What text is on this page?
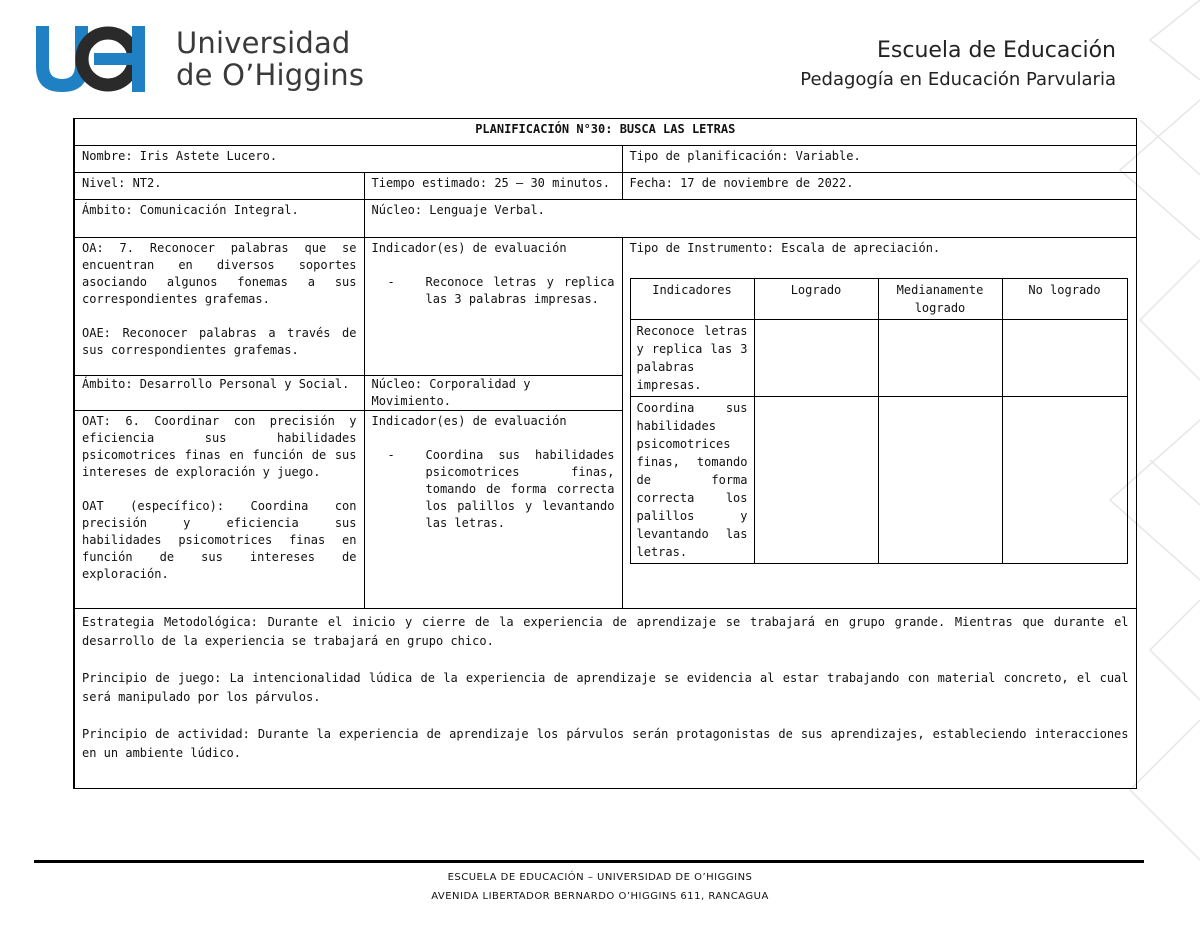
Universidad
de O’Higgins
Escuela de Educación
Pedagogía en Educación Parvularia
PLANIFICACIÓN N°30: BUSCA LAS LETRAS
Nombre: Iris Astete Lucero.	Tipo de planificación: Variable.
Nivel: NT2.	Tiempo estimado: 25 – 30 minutos.	Fecha: 17 de noviembre de 2022.
Ámbito: Comunicación Integral.	Núcleo: Lenguaje Verbal.

OA: 7. Reconocer palabras que se encuentran en diversos soportes asociando algunos fonemas a sus correspondientes grafemas.
OAE: Reconocer palabras a través de sus correspondientes grafemas.

Indicador(es) de evaluación
-	Reconoce letras y replica las 3 palabras impresas.

Tipo de Instrumento: Escala de apreciación.
Indicadores	Logrado	Medianamente logrado	No logrado
Reconoce letras y replica las 3 palabras impresas.			
Coordina sus habilidades psicomotrices finas, tomando de forma correcta los palillos y levantando las letras.			

Ámbito: Desarrollo Personal y Social.	Núcleo: Corporalidad y Movimiento.

OAT: 6. Coordinar con precisión y eficiencia sus habilidades psicomotrices finas en función de sus intereses de exploración y juego.
OAT (específico): Coordina con precisión y eficiencia sus habilidades psicomotrices finas en función de sus intereses de exploración.

Indicador(es) de evaluación
-	Coordina sus habilidades psicomotrices finas, tomando de forma correcta los palillos y levantando las letras.

Estrategia Metodológica: Durante el inicio y cierre de la experiencia de aprendizaje se trabajará en grupo grande. Mientras que durante el desarrollo de la experiencia se trabajará en grupo chico.

Principio de juego: La intencionalidad lúdica de la experiencia de aprendizaje se evidencia al estar trabajando con material concreto, el cual será manipulado por los párvulos.

Principio de actividad: Durante la experiencia de aprendizaje los párvulos serán protagonistas de sus aprendizajes, estableciendo interacciones en un ambiente lúdico.

ESCUELA DE EDUCACIÓN – UNIVERSIDAD DE O’HIGGINS
AVENIDA LIBERTADOR BERNARDO O’HIGGINS 611, RANCAGUA
